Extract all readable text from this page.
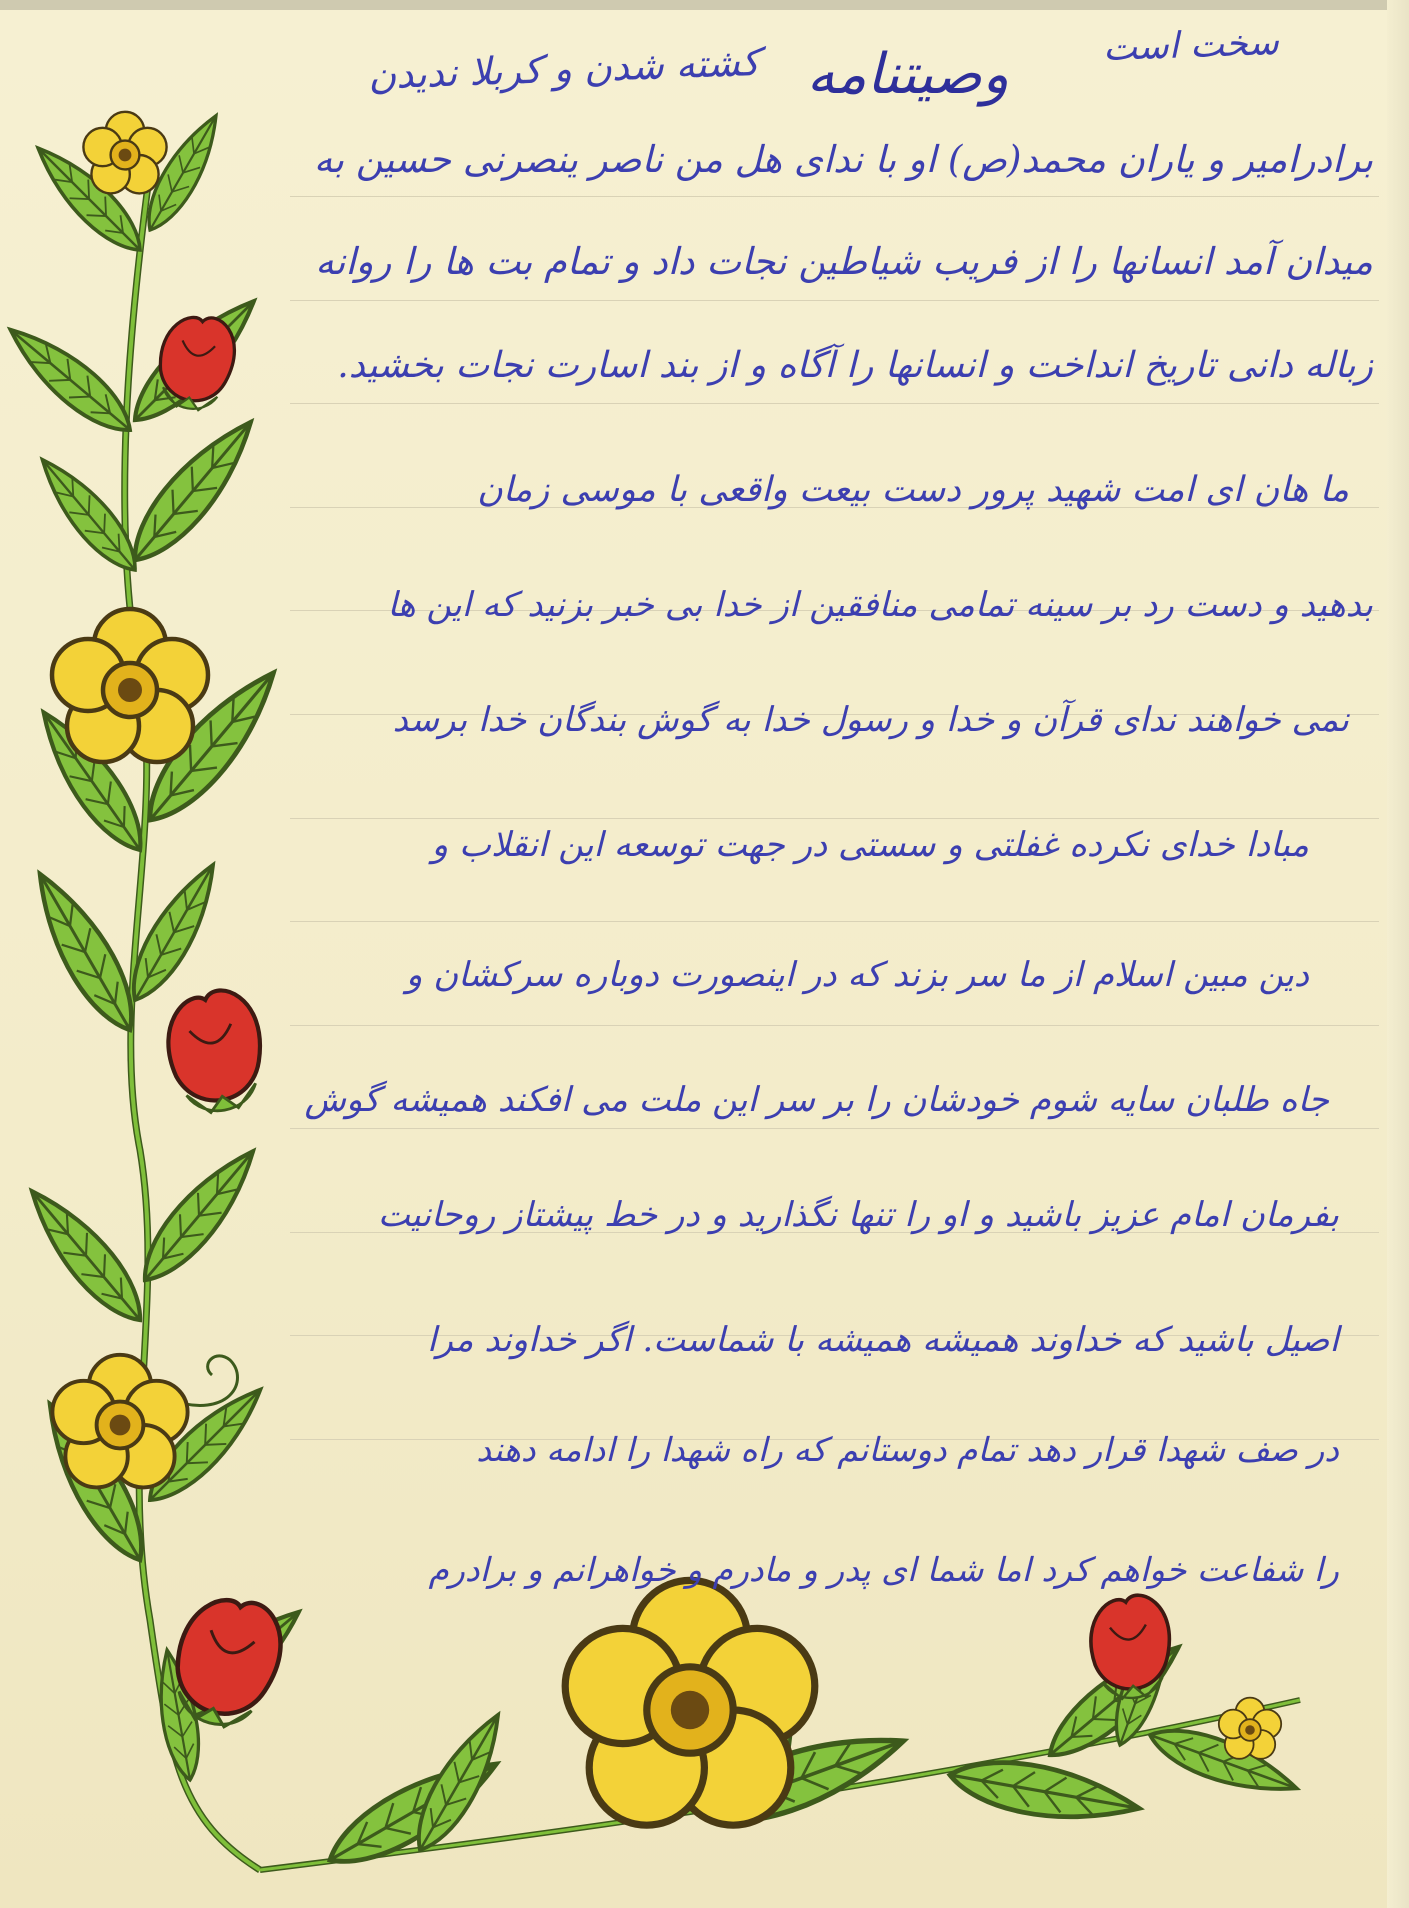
وصیتنامه
کشته شدن و کربلا ندیدن	سخت است
برادرامیر و یاران محمد(ص) او با ندای هل من ناصر ینصرنی حسین به
میدان آمد انسانها را از فریب شیاطین نجات داد و تمام بت ها را روانه
زباله دانی تاریخ انداخت و انسانها را آگاه و از بند اسارت نجات بخشید.
ما هان ای امت شهید پرور دست بیعت واقعی با موسی زمان
بدهید و دست رد بر سینه تمامی منافقین از خدا بی خبر بزنید که این ها
نمی خواهند ندای قرآن و خدا و رسول خدا به گوش بندگان خدا برسد
مبادا خدای نکرده غفلتی و سستی در جهت توسعه این انقلاب و
دین مبین اسلام از ما سر بزند که در اینصورت دوباره سرکشان و
جاه طلبان سایه شوم خودشان را بر سر این ملت می افکند همیشه گوش
بفرمان امام عزیز باشید و او را تنها نگذارید و در خط پیشتاز روحانیت
اصیل باشید که خداوند همیشه همیشه با شماست. اگر خداوند مرا
در صف شهدا قرار دهد تمام دوستانم که راه شهدا را ادامه دهند
را شفاعت خواهم کرد اما شما ای پدر و مادرم و خواهرانم و برادرم
